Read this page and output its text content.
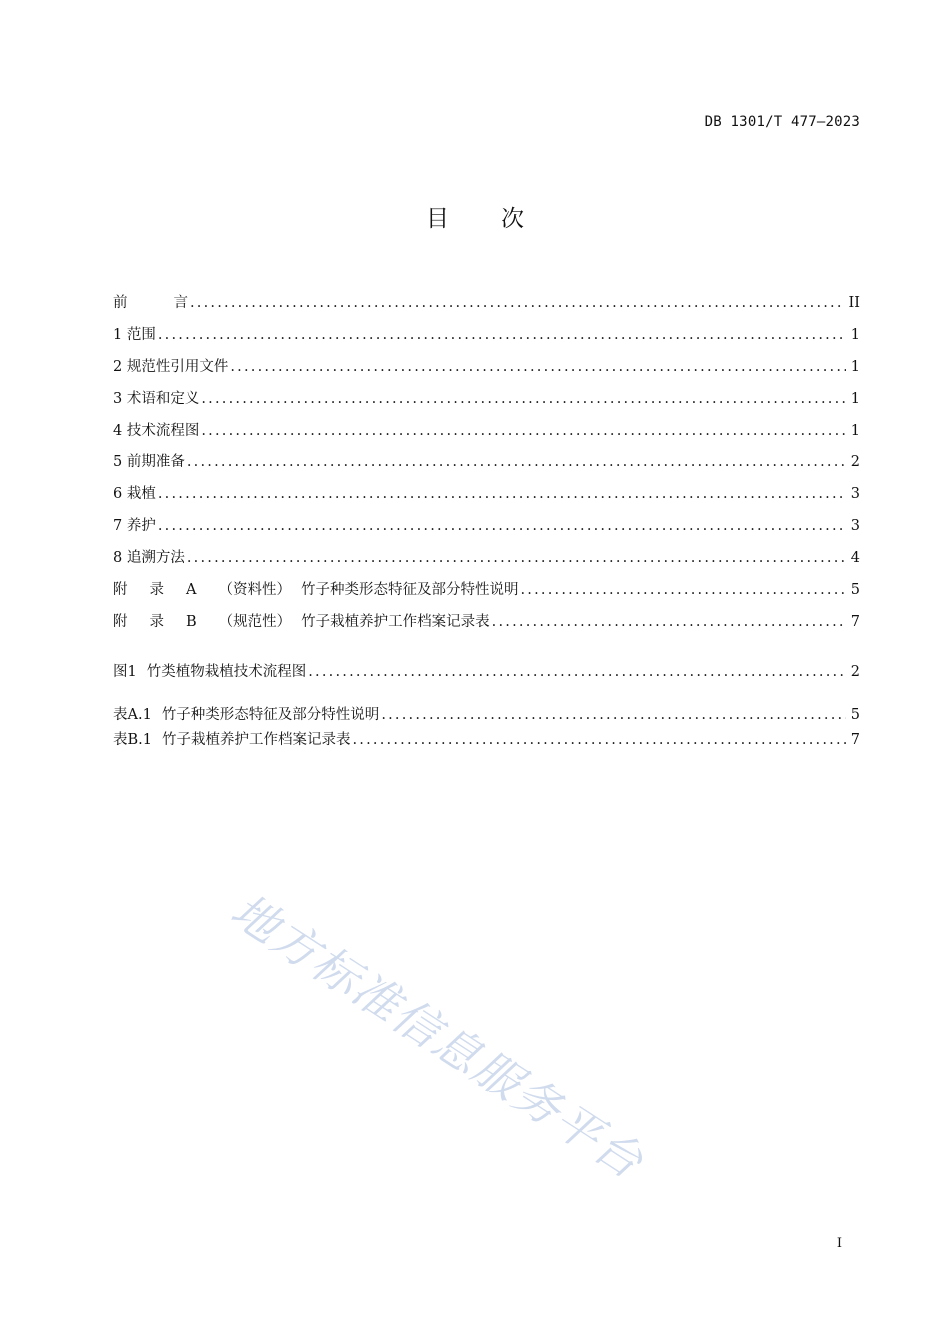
DB 1301/T 477—2023
目次
前	言 .....	II
1 范围 .....	1
2 规范性引用文件 .....	1
3 术语和定义 .....	1
4 技术流程图 .....	1
5 前期准备 .....	2
6 栽植 .....	3
7 养护 .....	3
8 追溯方法 .....	4
附 录 A （资料性） 竹子种类形态特征及部分特性说明 .....	5
附 录 B （规范性） 竹子栽植养护工作档案记录表 .....	7
图1 竹类植物栽植技术流程图 .....	2
表A.1 竹子种类形态特征及部分特性说明 .....	5
表B.1 竹子栽植养护工作档案记录表 .....	7
地方标准信息服务平台
I
